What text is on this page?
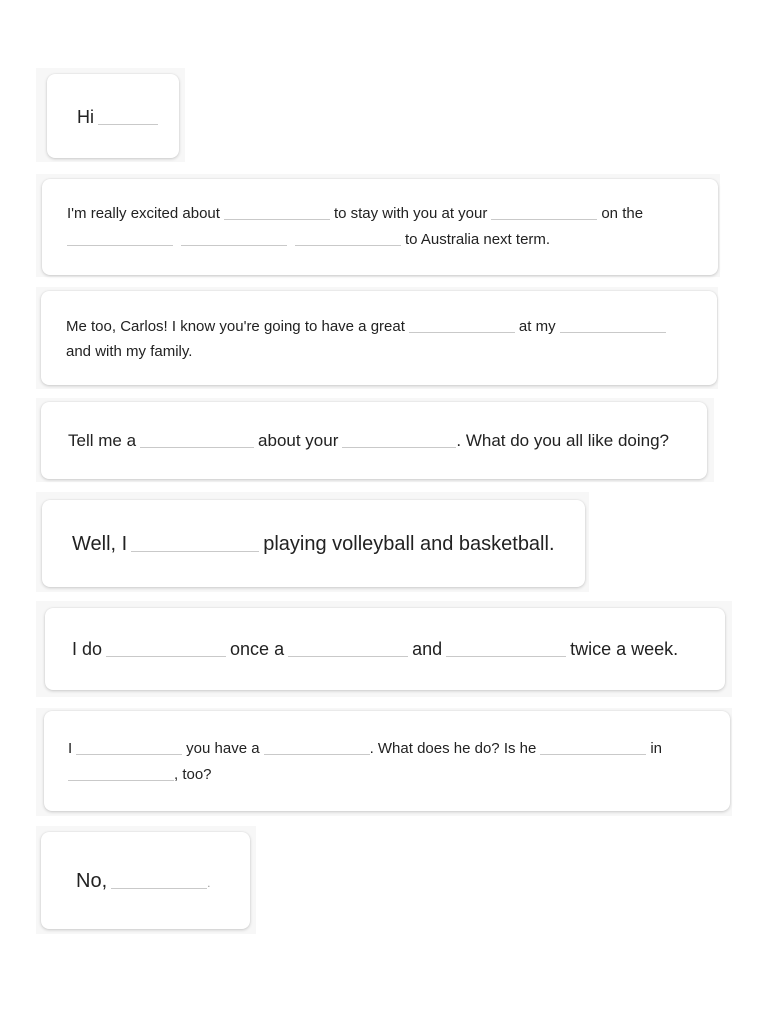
Hi
I'm really excited about	to stay with you at your	on the
to Australia next term.
Me too, Carlos! I know you're going to have a great	at my
and with my family.
Tell me a	about your	. What do you all like doing?
Well, I	playing volleyball and basketball.
I do	once a	and	twice a week.
I	you have a	. What does he do? Is he	in
, too?
No,	.
